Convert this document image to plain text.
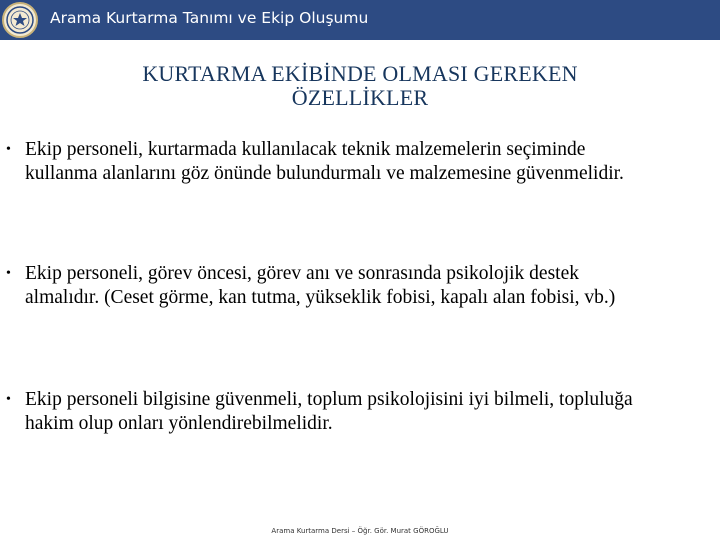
Arama Kurtarma Tanımı ve Ekip Oluşumu
KURTARMA EKİBİNDE OLMASI GEREKEN
ÖZELLİKLER
• Ekip personeli, kurtarmada kullanılacak teknik malzemelerin seçiminde
kullanma alanlarını göz önünde bulundurmalı ve malzemesine güvenmelidir.
• Ekip personeli, görev öncesi, görev anı ve sonrasında psikolojik destek
almalıdır. (Ceset görme, kan tutma, yükseklik fobisi, kapalı alan fobisi, vb.)
• Ekip personeli bilgisine güvenmeli, toplum psikolojisini iyi bilmeli, topluluğa
hakim olup onları yönlendirebilmelidir.
Arama Kurtarma Dersi – Öğr. Gör. Murat GÖROĞLU
